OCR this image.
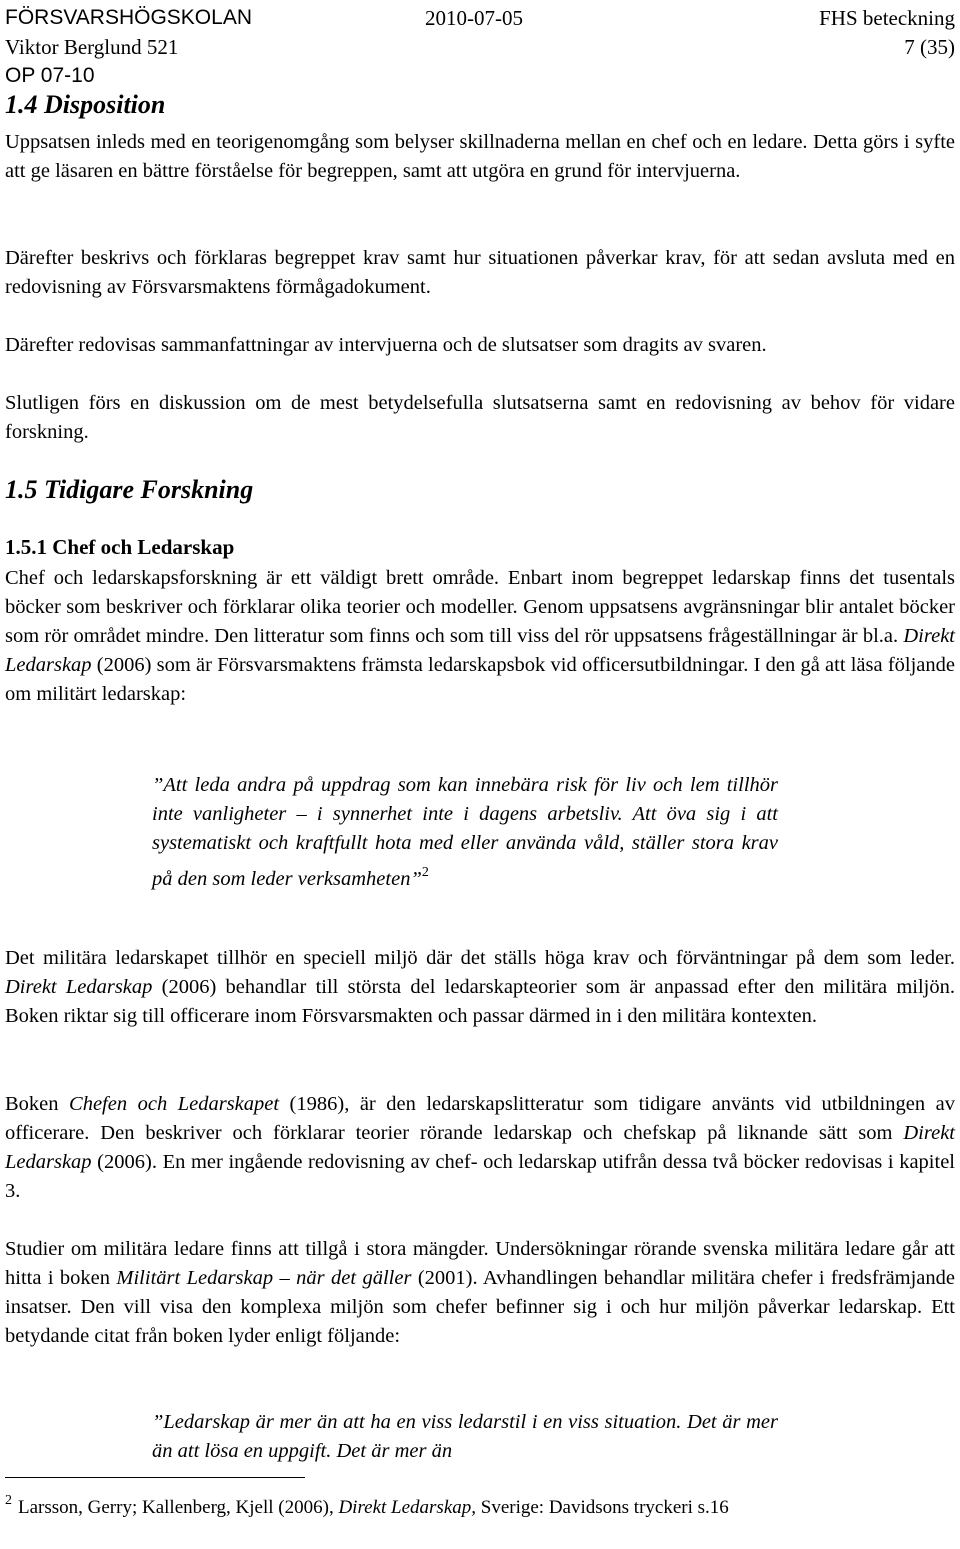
FÖRSVARSHÖGSKOLAN	2010-07-05	FHS beteckning
Viktor Berglund 521	7 (35)
OP 07-10
1.4 Disposition

Uppsatsen inleds med en teorigenomgång som belyser skillnaderna mellan en chef och en ledare. Detta görs i syfte att ge läsaren en bättre förståelse för begreppen, samt att utgöra en grund för intervjuerna.

Därefter beskrivs och förklaras begreppet krav samt hur situationen påverkar krav, för att sedan avsluta med en redovisning av Försvarsmaktens förmågadokument.

Därefter redovisas sammanfattningar av intervjuerna och de slutsatser som dragits av svaren.

Slutligen förs en diskussion om de mest betydelsefulla slutsatserna samt en redovisning av behov för vidare forskning.

1.5 Tidigare Forskning
1.5.1 Chef och Ledarskap

Chef och ledarskapsforskning är ett väldigt brett område. Enbart inom begreppet ledarskap finns det tusentals böcker som beskriver och förklarar olika teorier och modeller. Genom uppsatsens avgränsningar blir antalet böcker som rör området mindre. Den litteratur som finns och som till viss del rör uppsatsens frågeställningar är bl.a. Direkt Ledarskap (2006) som är Försvarsmaktens främsta ledarskapsbok vid officersutbildningar. I den gå att läsa följande om militärt ledarskap:

”Att leda andra på uppdrag som kan innebära risk för liv och lem tillhör inte vanligheter – i synnerhet inte i dagens arbetsliv. Att öva sig i att systematiskt och kraftfullt hota med eller använda våld, ställer stora krav på den som leder verksamheten”$^2$

Det militära ledarskapet tillhör en speciell miljö där det ställs höga krav och förväntningar på dem som leder. Direkt Ledarskap (2006) behandlar till största del ledarskapteorier som är anpassad efter den militära miljön. Boken riktar sig till officerare inom Försvarsmakten och passar därmed in i den militära kontexten.

Boken Chefen och Ledarskapet (1986), är den ledarskapslitteratur som tidigare använts vid utbildningen av officerare. Den beskriver och förklarar teorier rörande ledarskap och chefskap på liknande sätt som Direkt Ledarskap (2006). En mer ingående redovisning av chef- och ledarskap utifrån dessa två böcker redovisas i kapitel 3.

Studier om militära ledare finns att tillgå i stora mängder. Undersökningar rörande svenska militära ledare går att hitta i boken Militärt Ledarskap – när det gäller (2001). Avhandlingen behandlar militära chefer i fredsfrämjande insatser. Den vill visa den komplexa miljön som chefer befinner sig i och hur miljön påverkar ledarskap. Ett betydande citat från boken lyder enligt följande:

”Ledarskap är mer än att ha en viss ledarstil i en viss situation. Det är mer än att lösa en uppgift. Det är mer än

$^2$ Larsson, Gerry; Kallenberg, Kjell (2006), Direkt Ledarskap, Sverige: Davidsons tryckeri s.16
